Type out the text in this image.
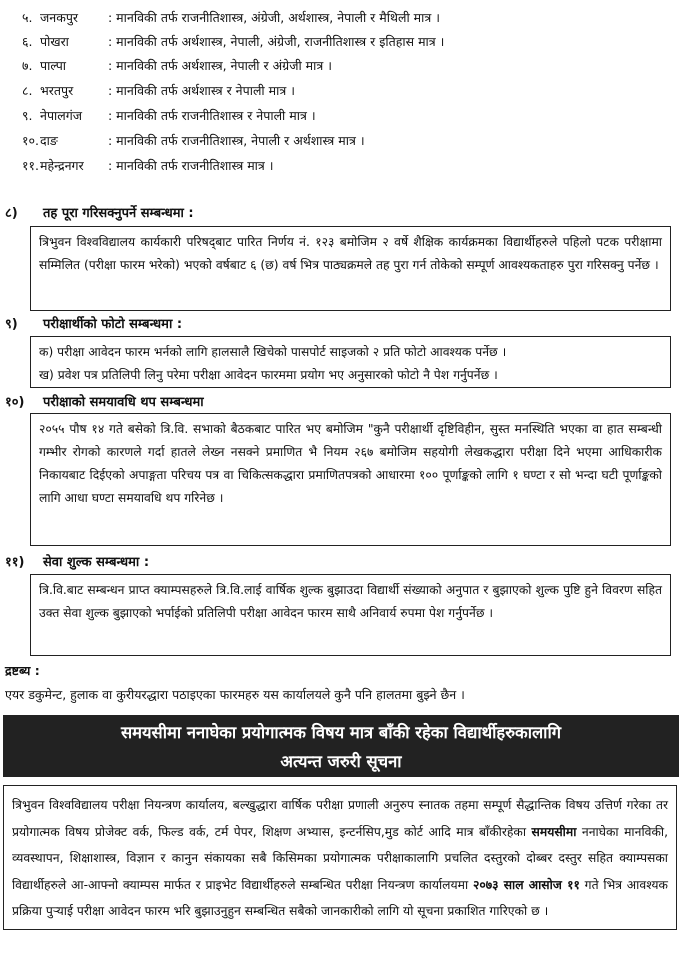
५. जनकपुर : मानविकी तर्फ राजनीतिशास्त्र, अंग्रेजी, अर्थशास्त्र, नेपाली र मैथिली मात्र ।
६. पोखरा	: मानविकी तर्फ अर्थशास्त्र, नेपाली, अंग्रेजी, राजनीतिशास्त्र र इतिहास मात्र ।
७. पाल्पा	: मानविकी तर्फ अर्थशास्त्र, नेपाली र अंग्रेजी मात्र ।
८. भरतपुर	: मानविकी तर्फ अर्थशास्त्र र नेपाली मात्र ।
९. नेपालगंज : मानविकी तर्फ राजनीतिशास्त्र र नेपाली मात्र ।
१०. दाङ	: मानविकी तर्फ राजनीतिशास्त्र, नेपाली र अर्थशास्त्र मात्र ।
११. महेन्द्रनगर : मानविकी तर्फ राजनीतिशास्त्र मात्र ।
८) तह पूरा गरिसक्नुपर्ने सम्बन्धमा :

त्रिभुवन विश्वविद्यालय कार्यकारी परिषद्‌बाट पारित निर्णय नं. १२३ बमोजिम २ वर्षे शैक्षिक कार्यक्रमका विद्यार्थीहरुले पहिलो पटक परीक्षामा सम्मिलित (परीक्षा फारम भरेको) भएको वर्षबाट ६ (छ) वर्ष भित्र पाठ्यक्रमले तह पुरा गर्न तोकेको सम्पूर्ण आवश्यकताहरु पुरा गरिसक्नु पर्नेछ ।

९) परीक्षार्थीको फोटो सम्बन्धमा :

क) परीक्षा आवेदन फारम भर्नको लागि हालसालै खिचेको पासपोर्ट साइजको २ प्रति फोटो आवश्यक पर्नेछ ।

ख) प्रवेश पत्र प्रतिलिपी लिनु परेमा परीक्षा आवेदन फारममा प्रयोग भए अनुसारको फोटो नै पेश गर्नुपर्नेछ ।

१०) परीक्षाको समयावधि थप सम्बन्धमा

२०५५ पौष १४ गते बसेको त्रि.वि. सभाको बैठकबाट पारित भए बमोजिम "कुनै परीक्षार्थी दृष्टिविहीन, सुस्त मनस्थिति भएका वा हात सम्बन्धी गम्भीर रोगको कारणले गर्दा हातले लेख्न नसक्ने प्रमाणित भै नियम २६७ बमोजिम सहयोगी लेखकद्धारा परीक्षा दिने भएमा आधिकारीक निकायबाट दिईएको अपाङ्गता परिचय पत्र वा चिकित्सकद्धारा प्रमाणितपत्रको आधारमा १०० पूर्णाङ्कको लागि १ घण्टा र सो भन्दा घटी पूर्णाङ्कको लागि आधा घण्टा समयावधि थप गरिनेछ ।

११) सेवा शुल्क सम्बन्धमा :

त्रि.वि.बाट सम्बन्धन प्राप्त क्याम्पसहरुले त्रि.वि.लाई वार्षिक शुल्क बुझाउदा विद्यार्थी संख्याको अनुपात र बुझाएको शुल्क पुष्टि हुने विवरण सहित उक्त सेवा शुल्क बुझाएको भर्पाईको प्रतिलिपी परीक्षा आवेदन फारम साथै अनिवार्य रुपमा पेश गर्नुपर्नेछ ।

द्रष्टब्य :
एयर डकुमेन्ट, हुलाक वा कुरीयरद्धारा पठाइएका फारमहरु यस कार्यालयले कुनै पनि हालतमा बुझ्ने छैन ।
समयसीमा ननाघेका प्रयोगात्मक विषय मात्र बाँकी रहेका विद्यार्थीहरुकालागि
अत्यन्त जरुरी सूचना
त्रिभुवन विश्वविद्यालय परीक्षा नियन्त्रण कार्यालय, बल्खुद्धारा वार्षिक परीक्षा प्रणाली अनुरुप स्नातक तहमा सम्पूर्ण सैद्धान्तिक विषय उत्तिर्ण गरेका तर प्रयोगात्मक विषय प्रोजेक्ट वर्क, फिल्ड वर्क, टर्म पेपर, शिक्षण अभ्यास, इन्टर्नसिप,मुड कोर्ट आदि मात्र बाँकीरहेका समयसीमा ननाघेका मानविकी, व्यवस्थापन, शिक्षाशास्त्र, विज्ञान र कानुन संकायका सबै किसिमका प्रयोगात्मक परीक्षाकालागि प्रचलित दस्तुरको दोब्बर दस्तुर सहित क्याम्पसका विद्यार्थीहरुले आ-आफ्नो क्याम्पस मार्फत र प्राइभेट विद्यार्थीहरुले सम्बन्धित परीक्षा नियन्त्रण कार्यालयमा २०७३ साल आसोज ११ गते भित्र आवश्यक प्रक्रिया पुऱ्याई परीक्षा आवेदन फारम भरि बुझाउनुहुन सम्बन्धित सबैको जानकारीको लागि यो सूचना प्रकाशित गारिएको छ ।
